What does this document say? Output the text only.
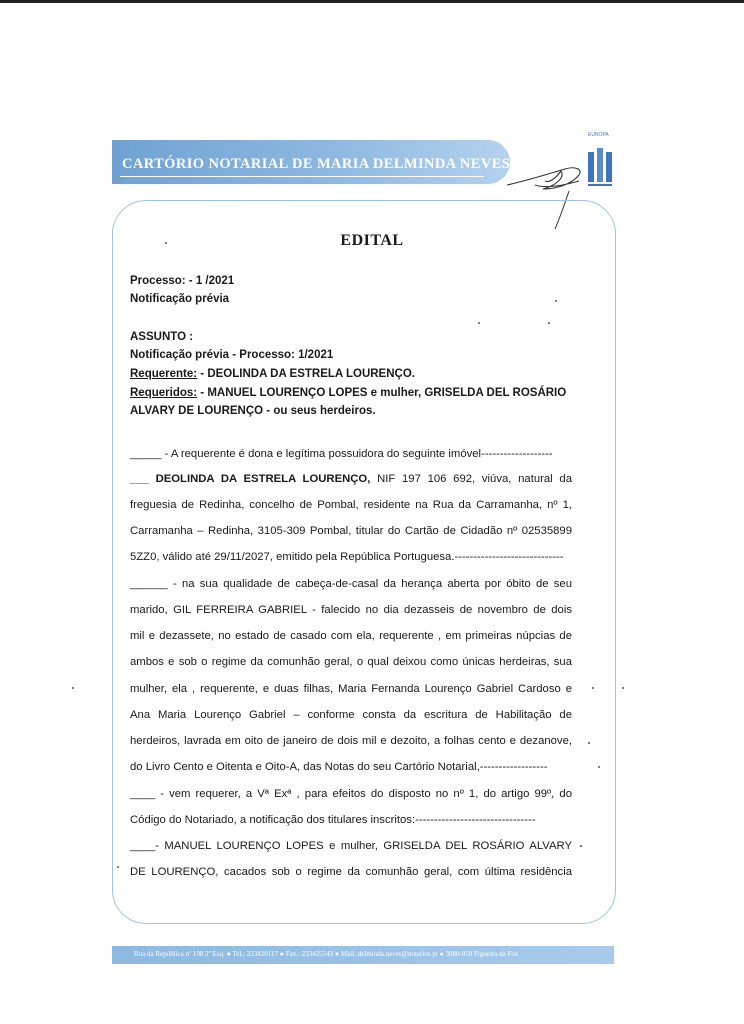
CARTÓRIO NOTARIAL DE MARIA DELMINDA NEVES
EUROPA
EDITAL
Processo: - 1 /2021
Notificação prévia
ASSUNTO :
Notificação prévia - Processo: 1/2021
Requerente: - DEOLINDA DA ESTRELA LOURENÇO.
Requeridos: - MANUEL LOURENÇO LOPES e mulher, GRISELDA DEL ROSÁRIO
ALVARY DE LOURENÇO - ou seus herdeiros.
_____ - A requerente é dona e legítima possuidora do seguinte imóvel-------------------
___ DEOLINDA DA ESTRELA LOURENÇO, NIF 197 106 692, viúva, natural da
freguesia de Redinha, concelho de Pombal, residente na Rua da Carramanha, nº 1,
Carramanha – Redinha, 3105-309 Pombal, titular do Cartão de Cidadão nº 02535899
5ZZ0, válido até 29/11/2027, emitido pela República Portuguesa.-----------------------------
______ - na sua qualidade de cabeça-de-casal da herança aberta por óbito de seu
marido, GIL FERREIRA GABRIEL - falecido no dia dezasseis de novembro de dois
mil e dezassete, no estado de casado com ela, requerente , em primeiras núpcias de
ambos e sob o regime da comunhão geral, o qual deixou como únicas herdeiras, sua
mulher, ela , requerente, e duas filhas, Maria Fernanda Lourenço Gabriel Cardoso e
Ana Maria Lourenço Gabriel – conforme consta da escritura de Habilitação de
herdeiros, lavrada em oito de janeiro de dois mil e dezoito, a folhas cento e dezanove,
do Livro Cento e Oitenta e Oito-A, das Notas do seu Cartório Notarial,------------------
____ - vem requerer, a Vª Exª , para efeitos do disposto no nº 1, do artigo 99º, do
Código do Notariado, a notificação dos titulares inscritos:--------------------------------
____- MANUEL LOURENÇO LOPES e mulher, GRISELDA DEL ROSÁRIO ALVARY
DE LOURENÇO, cacados sob o regime da comunhão geral, com última residência
Rua da República nº 198 2º Esq. ● Tel.: 233420117 ● Fax.: 233425543 ● Mail: delminda.neves@notarios.pt ● 3080-050 Figueira da Foz
